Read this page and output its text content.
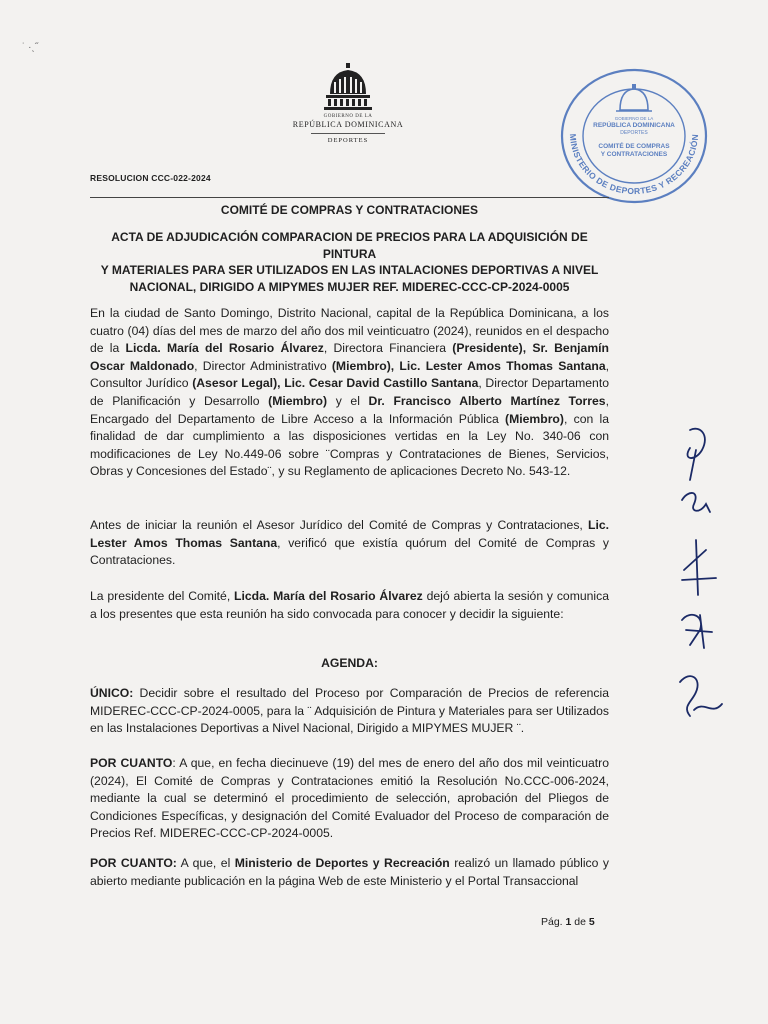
˙ ·ˎ˝
GOBIERNO DE LA
REPÚBLICA DOMINICANA
DEPORTES
GOBIERNO DE LA
REPÚBLICA DOMINICANA
DEPORTES
COMITÉ DE COMPRAS
Y CONTRATACIONES
MINISTERIO DE DEPORTES Y RECREACIÓN
RESOLUCION CCC-022-2024
COMITÉ DE COMPRAS Y CONTRATACIONES
ACTA DE ADJUDICACIÓN COMPARACION DE PRECIOS PARA LA ADQUISICIÓN DE PINTURA
Y MATERIALES PARA SER UTILIZADOS EN LAS INTALACIONES DEPORTIVAS A NIVEL
NACIONAL, DIRIGIDO A MIPYMES MUJER REF. MIDEREC-CCC-CP-2024-0005
En la ciudad de Santo Domingo, Distrito Nacional, capital de la República Dominicana, a los cuatro (04) días del mes de marzo del año dos mil veinticuatro (2024), reunidos en el despacho de la Licda. María del Rosario Álvarez, Directora Financiera (Presidente), Sr. Benjamín Oscar Maldonado, Director Administrativo (Miembro), Lic. Lester Amos Thomas Santana, Consultor Jurídico (Asesor Legal), Lic. Cesar David Castillo Santana, Director Departamento de Planificación y Desarrollo (Miembro) y el Dr. Francisco Alberto Martínez Torres, Encargado del Departamento de Libre Acceso a la Información Pública (Miembro), con la finalidad de dar cumplimiento a las disposiciones vertidas en la Ley No. 340-06 con modificaciones de Ley No.449-06 sobre ¨Compras y Contrataciones de Bienes, Servicios, Obras y Concesiones del Estado¨, y su Reglamento de aplicaciones Decreto No. 543-12.
Antes de iniciar la reunión el Asesor Jurídico del Comité de Compras y Contrataciones, Lic. Lester Amos Thomas Santana, verificó que existía quórum del Comité de Compras y Contrataciones.
La presidente del Comité, Licda. María del Rosario Álvarez dejó abierta la sesión y comunica a los presentes que esta reunión ha sido convocada para conocer y decidir la siguiente:
AGENDA:
ÚNICO: Decidir sobre el resultado del Proceso por Comparación de Precios de referencia MIDEREC-CCC-CP-2024-0005, para la ¨ Adquisición de Pintura y Materiales para ser Utilizados en las Instalaciones Deportivas a Nivel Nacional, Dirigido a MIPYMES MUJER ¨.
POR CUANTO: A que, en fecha diecinueve (19) del mes de enero del año dos mil veinticuatro (2024), El Comité de Compras y Contrataciones emitió la Resolución No.CCC-006-2024, mediante la cual se determinó el procedimiento de selección, aprobación del Pliegos de Condiciones Específicas, y designación del Comité Evaluador del Proceso de comparación de Precios Ref. MIDEREC-CCC-CP-2024-0005.
POR CUANTO: A que, el Ministerio de Deportes y Recreación realizó un llamado público y abierto mediante publicación en la página Web de este Ministerio y el Portal Transaccional
Pág. 1 de 5
